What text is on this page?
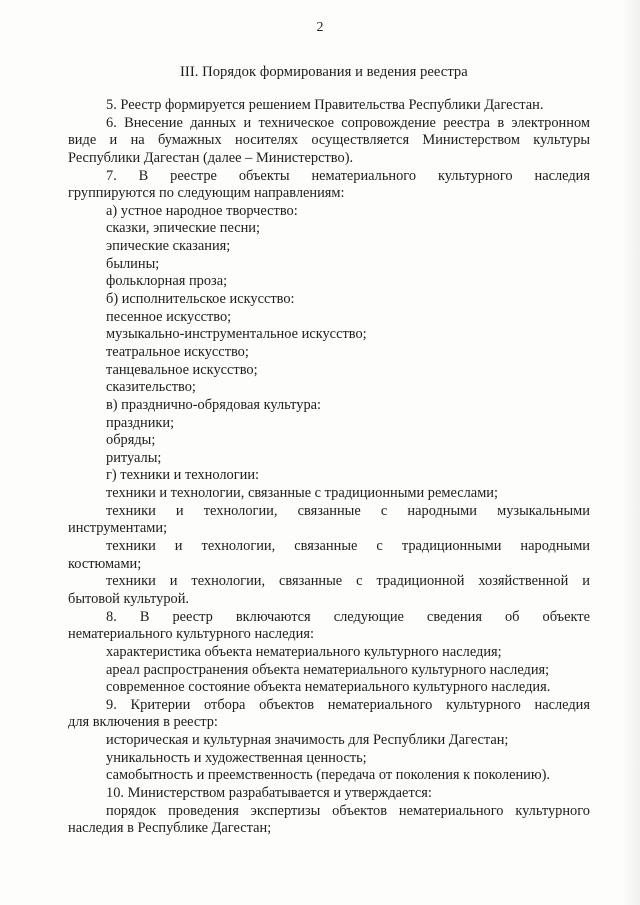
2
III. Порядок формирования и ведения реестра
5. Реестр формируется решением Правительства Республики Дагестан.
6. Внесение данных и техническое сопровождение реестра в электронном
виде и на бумажных носителях осуществляется Министерством культуры
Республики Дагестан (далее – Министерство).
7. В реестре объекты нематериального культурного наследия
группируются по следующим направлениям:
а) устное народное творчество:
сказки, эпические песни;
эпические сказания;
былины;
фольклорная проза;
б) исполнительское искусство:
песенное искусство;
музыкально-инструментальное искусство;
театральное искусство;
танцевальное искусство;
сказительство;
в) празднично-обрядовая культура:
праздники;
обряды;
ритуалы;
г) техники и технологии:
техники и технологии, связанные с традиционными ремеслами;
техники и технологии, связанные с народными музыкальными
инструментами;
техники и технологии, связанные с традиционными народными
костюмами;
техники и технологии, связанные с традиционной хозяйственной и
бытовой культурой.
8. В реестр включаются следующие сведения об объекте
нематериального культурного наследия:
характеристика объекта нематериального культурного наследия;
ареал распространения объекта нематериального культурного наследия;
современное состояние объекта нематериального культурного наследия.
9. Критерии отбора объектов нематериального культурного наследия
для включения в реестр:
историческая и культурная значимость для Республики Дагестан;
уникальность и художественная ценность;
самобытность и преемственность (передача от поколения к поколению).
10. Министерством разрабатывается и утверждается:
порядок проведения экспертизы объектов нематериального культурного
наследия в Республике Дагестан;
